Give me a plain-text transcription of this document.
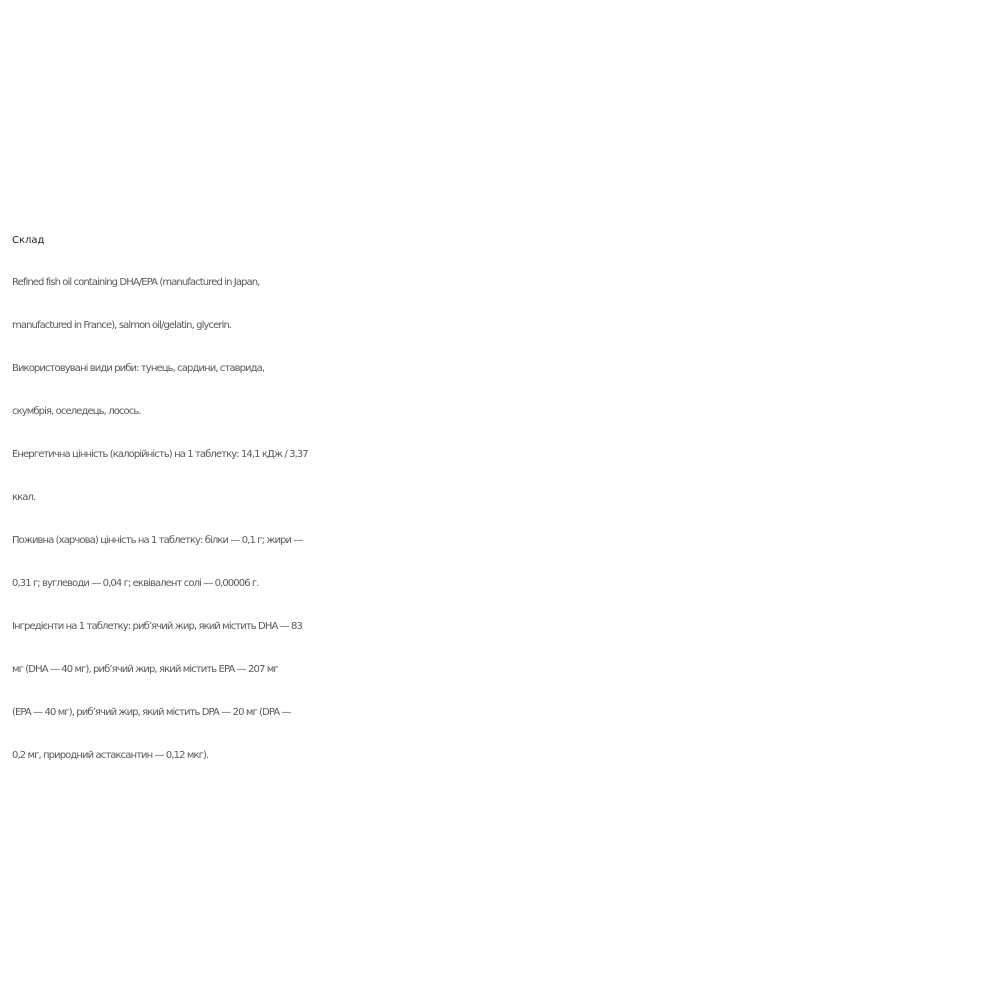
Склад
Refined fish oil containing DHA/EPA (manufactured in Japan,
manufactured in France), salmon oil/gelatin, glycerin.
Використовувані види риби: тунець, сардини, ставрида,
скумбрія, оселедець, лосось.
Енергетична цінність (калорійність) на 1 таблетку: 14,1 кДж / 3,37
ккал.
Поживна (харчова) цінність на 1 таблетку: білки — 0,1 г; жири —
0,31 г; вуглеводи — 0,04 г; еквівалент солі — 0,00006 г.
Інгредієнти на 1 таблетку: риб’ячий жир, який містить DHA — 83
мг (DHA — 40 мг), риб’ячий жир, який містить EPA — 207 мг
(EPA — 40 мг), риб’ячий жир, який містить DPA — 20 мг (DPA —
0,2 мг, природний астаксантин — 0,12 мкг).
